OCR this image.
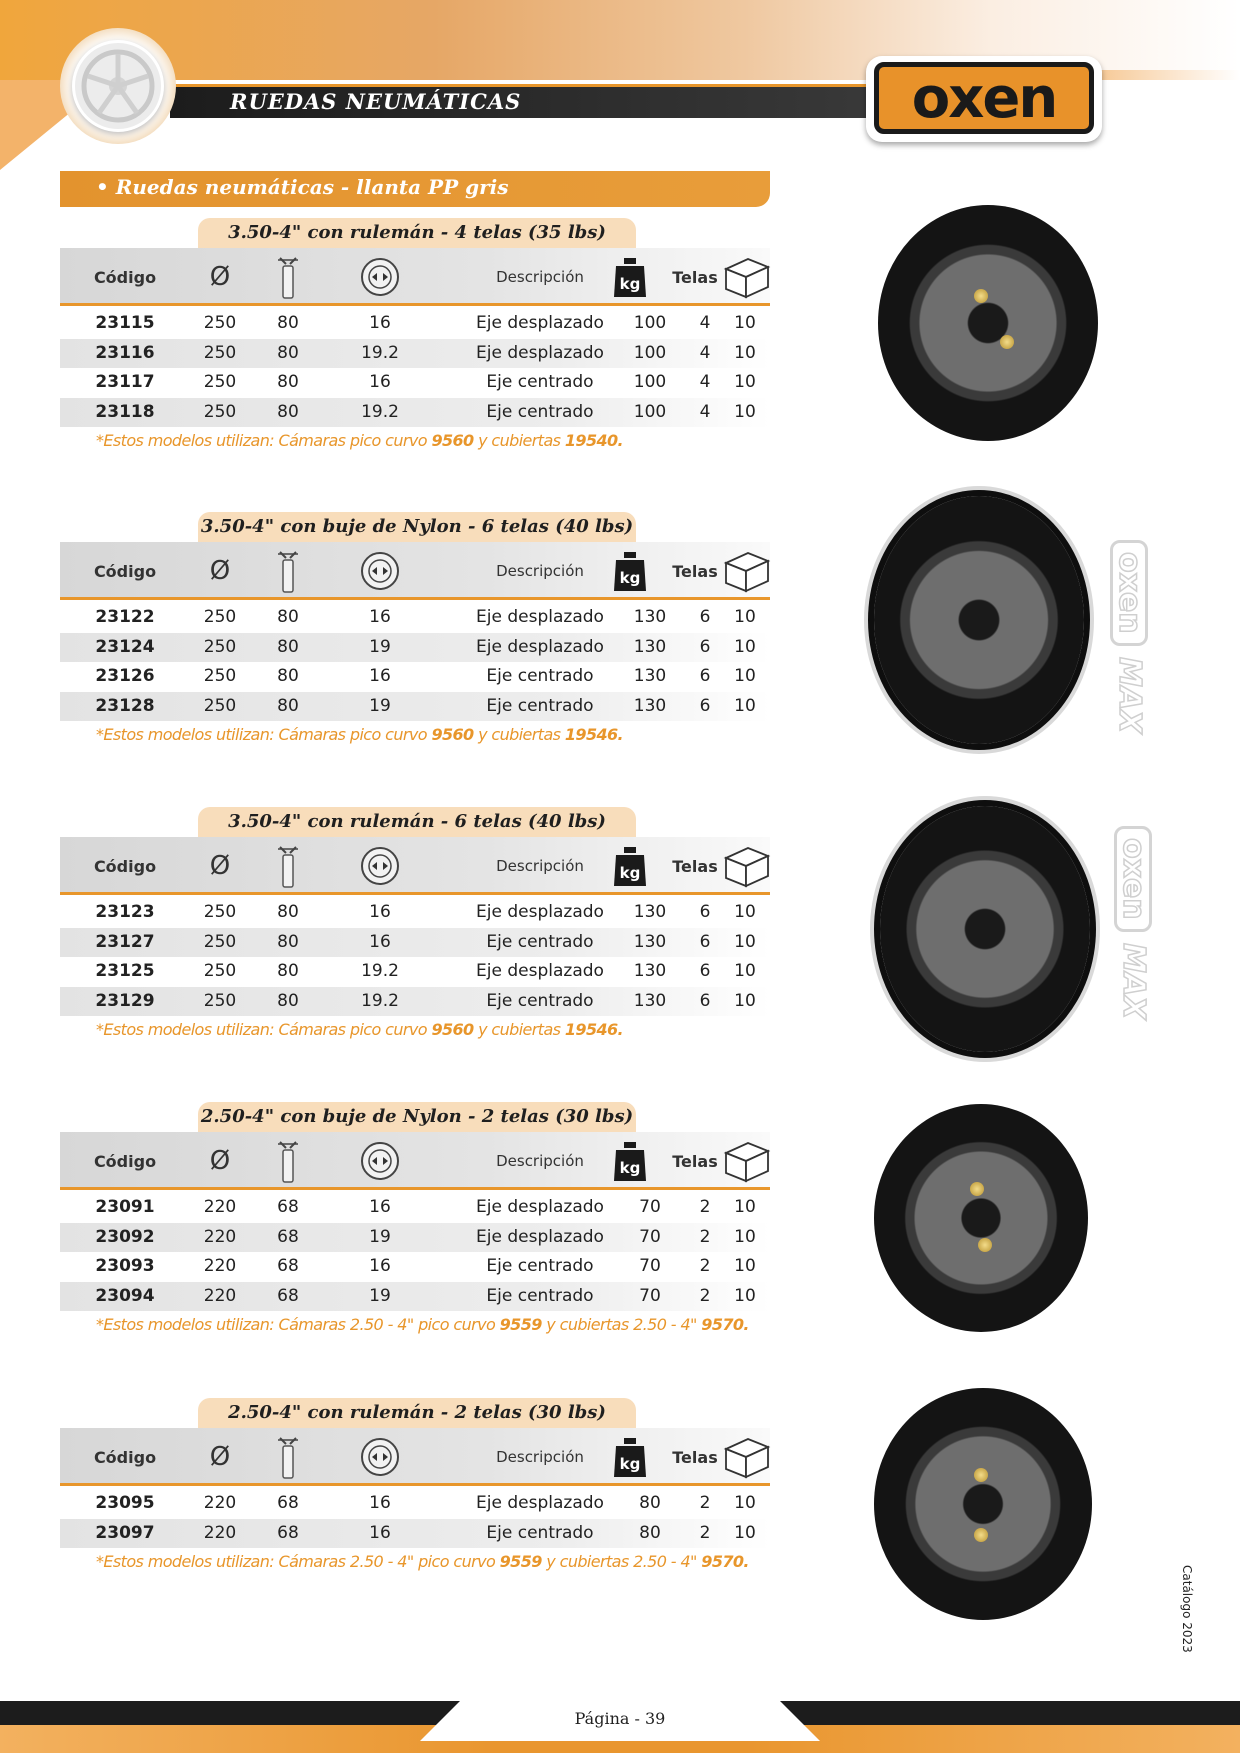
RUEDAS NEUMÁTICAS	oxen
• Ruedas neumáticas - llanta PP gris
3.50-4" con rulemán - 4 telas (35 lbs)
Código Ø	Descripción kg Telas
23115	250	80	16	Eje desplazado	100	4	10
23116	250	80	19.2	Eje desplazado	100	4	10
23117	250	80	16	Eje centrado	100	4	10
23118	250	80	19.2	Eje centrado	100	4	10
*Estos modelos utilizan: Cámaras pico curvo 9560 y cubiertas 19540.
3.50-4" con buje de Nylon - 6 telas (40 lbs)
Código Ø	Descripción kg Telas
23122	250	80	16	Eje desplazado	130	6	10
23124	250	80	19	Eje desplazado	130	6	10
23126	250	80	16	Eje centrado	130	6	10
23128	250	80	19	Eje centrado	130	6	10
*Estos modelos utilizan: Cámaras pico curvo 9560 y cubiertas 19546.
3.50-4" con rulemán - 6 telas (40 lbs)
Código Ø	Descripción kg Telas
23123	250	80	16	Eje desplazado	130	6	10
23127	250	80	16	Eje centrado	130	6	10
23125	250	80	19.2	Eje desplazado	130	6	10
23129	250	80	19.2	Eje centrado	130	6	10
*Estos modelos utilizan: Cámaras pico curvo 9560 y cubiertas 19546.
2.50-4" con buje de Nylon - 2 telas (30 lbs)
Código Ø	Descripción kg Telas
23091	220	68	16	Eje desplazado	70	2	10
23092	220	68	19	Eje desplazado	70	2	10
23093	220	68	16	Eje centrado	70	2	10
23094	220	68	19	Eje centrado	70	2	10
*Estos modelos utilizan: Cámaras 2.50 - 4" pico curvo 9559 y cubiertas 2.50 - 4" 9570.
2.50-4" con rulemán - 2 telas (30 lbs)
Código Ø	Descripción kg Telas
23095	220	68	16	Eje desplazado	80	2	10
23097	220	68	16	Eje centrado	80	2	10
*Estos modelos utilizan: Cámaras 2.50 - 4" pico curvo 9559 y cubiertas 2.50 - 4" 9570.
oxen
MAX
oxen
MAX
Catálogo 2023
Página - 39
